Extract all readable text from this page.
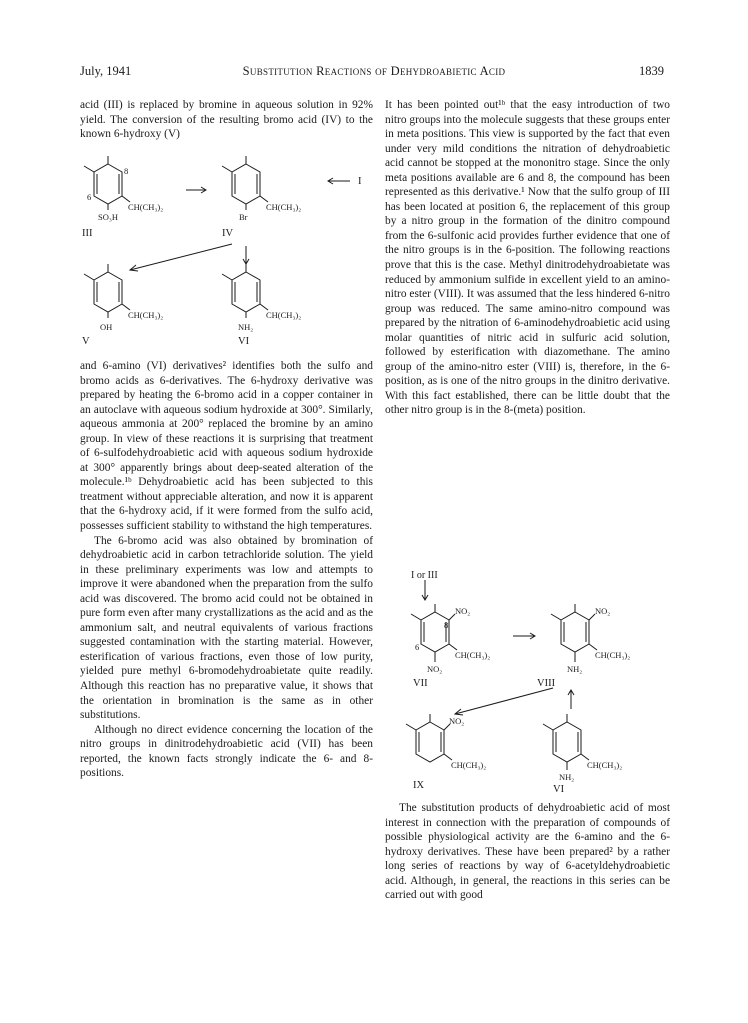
July, 1941	Substitution Reactions of Dehydroabietic Acid	1839

acid (III) is replaced by bromine in aqueous solution in 92% yield. The conversion of the resulting bromo acid (IV) to the known 6-hydroxy (V)

8
6
CH(CH₃)₂
SO₃H
III
CH(CH₃)₂
Br
IV
I
CH(CH₃)₂
OH
V
CH(CH₃)₂
NH₂
VI

and 6-amino (VI) derivatives² identifies both the sulfo and bromo acids as 6-derivatives. The 6-hydroxy derivative was prepared by heating the 6-bromo acid in a copper container in an autoclave with aqueous sodium hydroxide at 300°. Similarly, aqueous ammonia at 200° replaced the bromine by an amino group. In view of these reactions it is surprising that treatment of 6-sulfodehydroabietic acid with aqueous sodium hydroxide at 300° apparently brings about deep-seated alteration of the molecule.¹ᵇ Dehydroabietic acid has been subjected to this treatment without appreciable alteration, and now it is apparent that the 6-hydroxy acid, if it were formed from the sulfo acid, possesses sufficient stability to withstand the high temperatures.

The 6-bromo acid was also obtained by bromination of dehydroabietic acid in carbon tetrachloride solution. The yield in these preliminary experiments was low and attempts to improve it were abandoned when the preparation from the sulfo acid was discovered. The bromo acid could not be obtained in pure form even after many crystallizations as the acid and as the ammonium salt, and neutral equivalents of various fractions suggested contamination with the starting material. However, esterification of various fractions, even those of low purity, yielded pure methyl 6-bromodehydroabietate quite readily. Although this reaction has no preparative value, it shows that the orientation in bromination is the same as in other substitutions.

Although no direct evidence concerning the location of the nitro groups in dinitrodehydroabietic acid (VII) has been reported, the known facts strongly indicate the 6- and 8-positions.

It has been pointed out¹ᵇ that the easy introduction of two nitro groups into the molecule suggests that these groups enter in meta positions. This view is supported by the fact that even under very mild conditions the nitration of dehydroabietic acid cannot be stopped at the mononitro stage. Since the only meta positions available are 6 and 8, the compound has been represented as this derivative.¹ Now that the sulfo group of III has been located at position 6, the replacement of this group by a nitro group in the formation of the dinitro compound from the 6-sulfonic acid provides further evidence that one of the nitro groups is in the 6-position. The following reactions prove that this is the case. Methyl dinitrodehydroabietate was reduced by ammonium sulfide in excellent yield to an amino-nitro ester (VIII). It was assumed that the less hindered 6-nitro group was reduced. The same amino-nitro compound was prepared by the nitration of 6-aminodehydroabietic acid using molar quantities of nitric acid in sulfuric acid solution, followed by esterification with diazomethane. The amino group of the amino-nitro ester (VIII) is, therefore, in the 6-position, as is one of the nitro groups in the dinitro derivative. With this fact established, there can be little doubt that the other nitro group is in the 8-(meta) position.

I or III
NO₂
8
6
CH(CH₃)₂
NO₂
VII
NO₂
CH(CH₃)₂
NH₂
VIII
NO₂
CH(CH₃)₂
IX
CH(CH₃)₂
NH₂
VI

The substitution products of dehydroabietic acid of most interest in connection with the preparation of compounds of possible physiological activity are the 6-amino and the 6-hydroxy derivatives. These have been prepared² by a rather long series of reactions by way of 6-acetyldehydroabietic acid. Although, in general, the reactions in this series can be carried out with good
